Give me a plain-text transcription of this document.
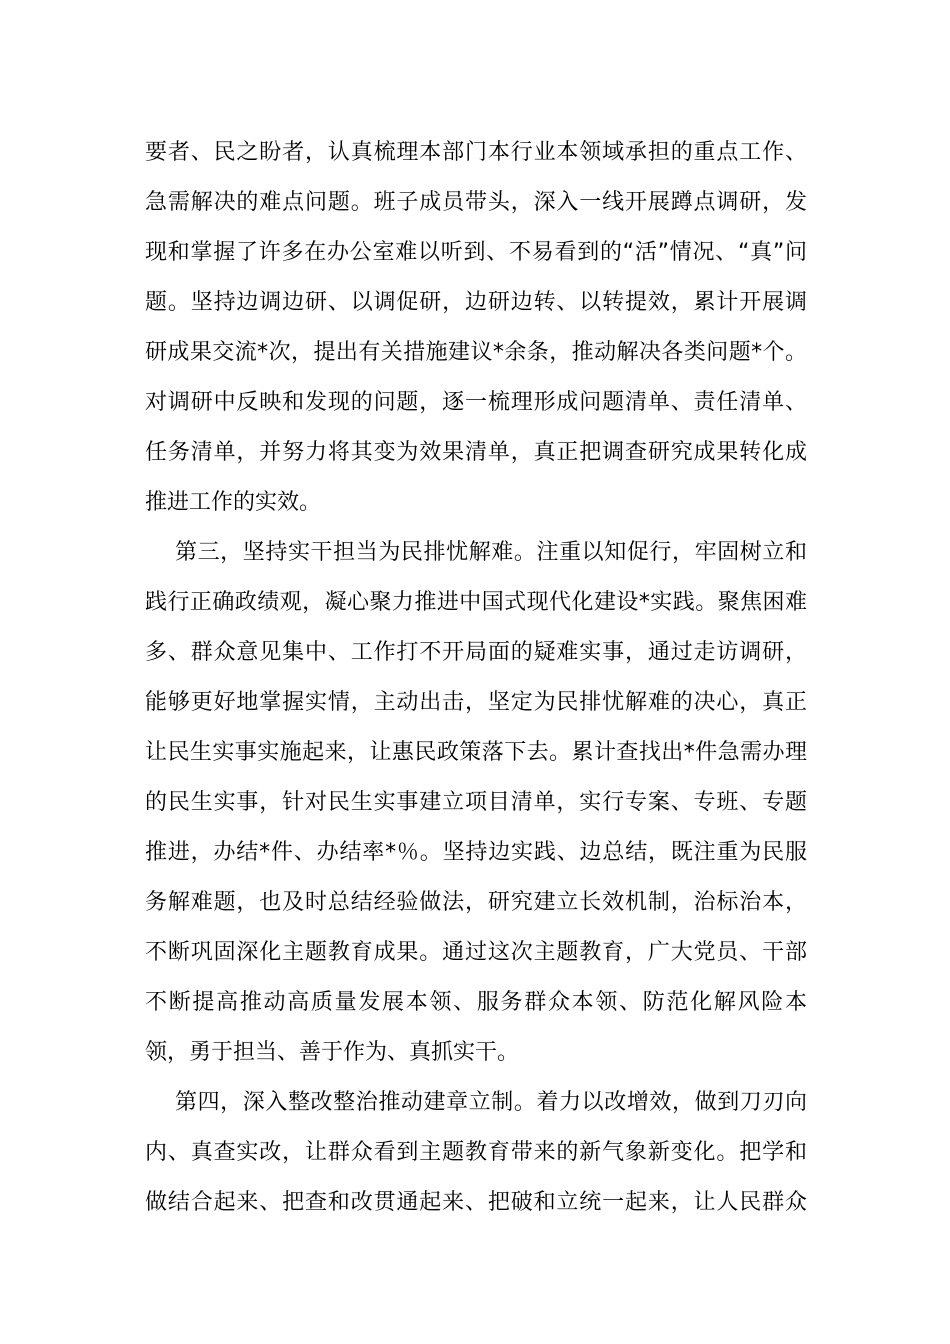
要者、民之盼者，认真梳理本部门本行业本领域承担的重点工作、
急需解决的难点问题。班子成员带头，深入一线开展蹲点调研，发
现和掌握了许多在办公室难以听到、不易看到的“活”情况、“真”问
题。坚持边调边研、以调促研，边研边转、以转提效，累计开展调
研成果交流*次，提出有关措施建议*余条，推动解决各类问题*个。
对调研中反映和发现的问题，逐一梳理形成问题清单、责任清单、
任务清单，并努力将其变为效果清单，真正把调查研究成果转化成
推进工作的实效。
第三，坚持实干担当为民排忧解难。注重以知促行，牢固树立和
践行正确政绩观，凝心聚力推进中国式现代化建设*实践。聚焦困难
多、群众意见集中、工作打不开局面的疑难实事，通过走访调研，
能够更好地掌握实情，主动出击，坚定为民排忧解难的决心，真正
让民生实事实施起来，让惠民政策落下去。累计查找出*件急需办理
的民生实事，针对民生实事建立项目清单，实行专案、专班、专题
推进，办结*件、办结率*％。坚持边实践、边总结，既注重为民服
务解难题，也及时总结经验做法，研究建立长效机制，治标治本，
不断巩固深化主题教育成果。通过这次主题教育，广大党员、干部
不断提高推动高质量发展本领、服务群众本领、防范化解风险本
领，勇于担当、善于作为、真抓实干。
第四，深入整改整治推动建章立制。着力以改增效，做到刀刃向
内、真查实改，让群众看到主题教育带来的新气象新变化。把学和
做结合起来、把查和改贯通起来、把破和立统一起来，让人民群众
